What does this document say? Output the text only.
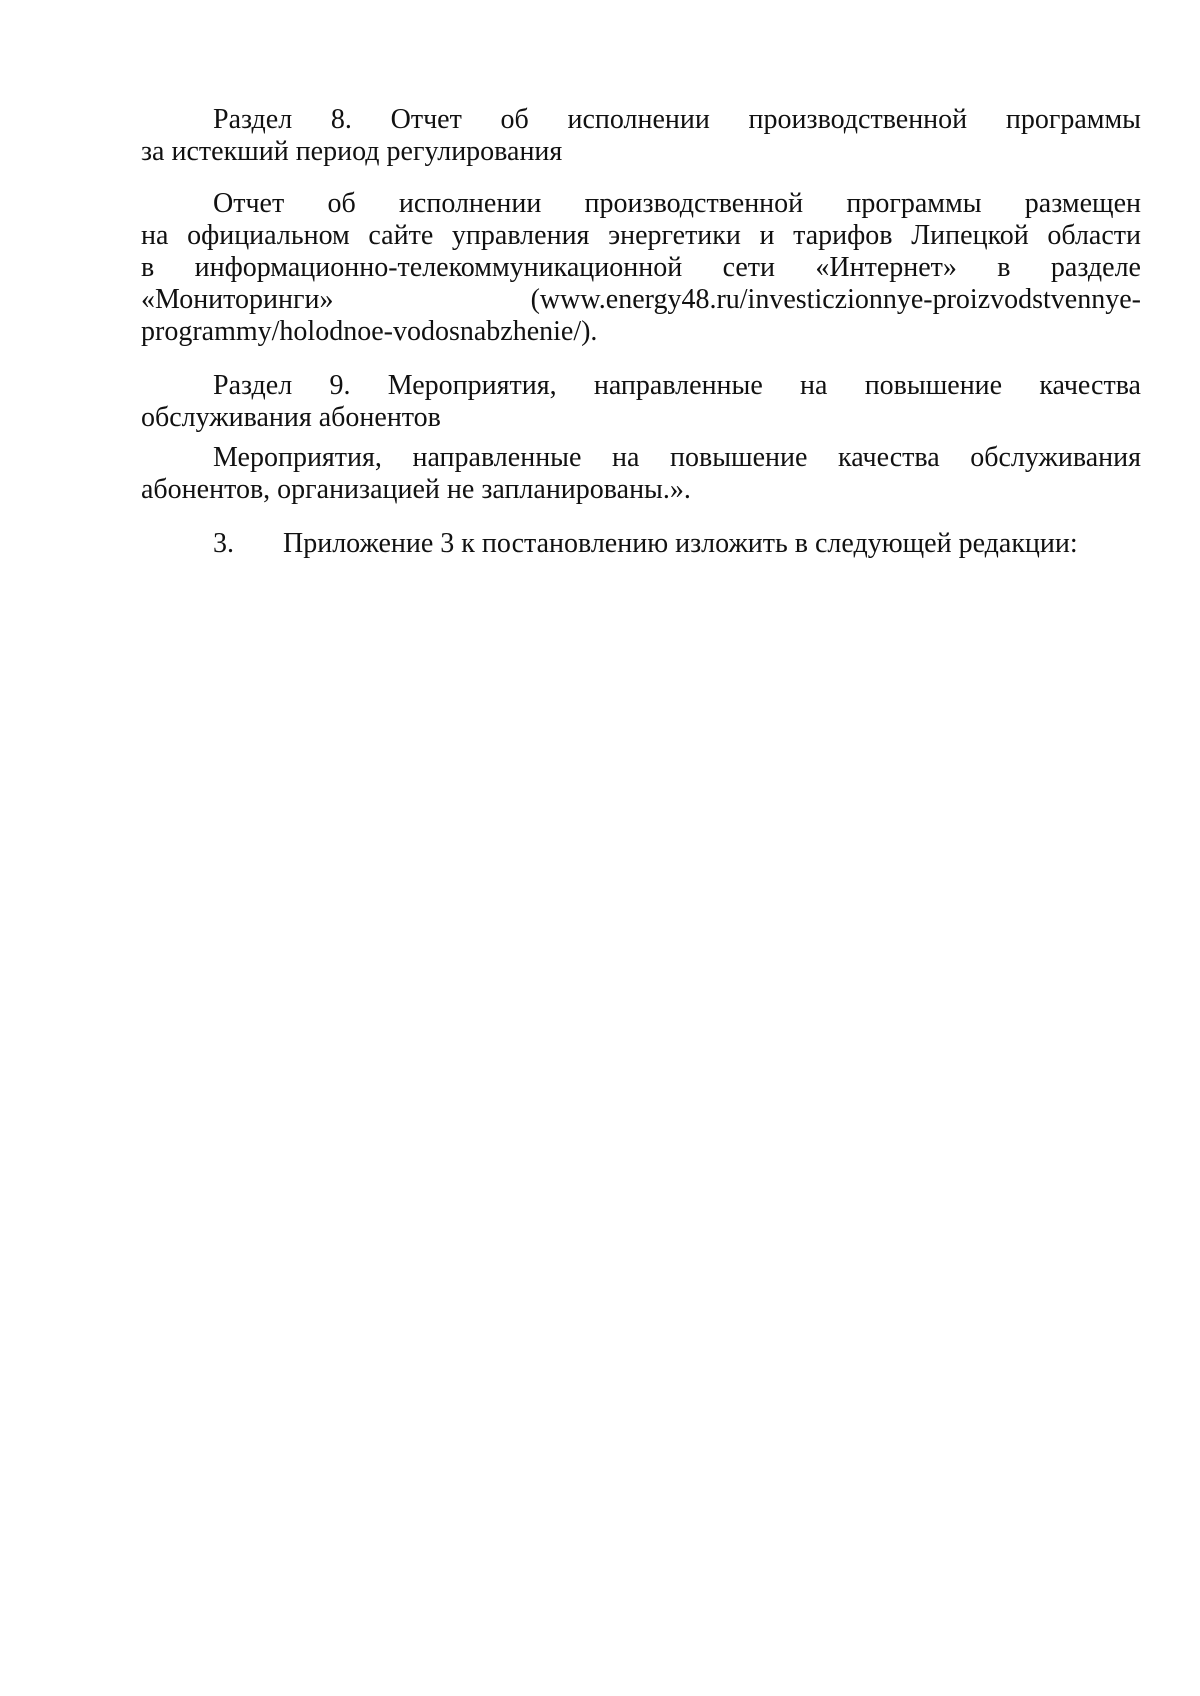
Раздел 8. Отчет об исполнении производственной программы
за истекший период регулирования

Отчет об исполнении производственной программы размещен
на официальном сайте управления энергетики и тарифов Липецкой области
в информационно-телекоммуникационной сети «Интернет» в разделе
«Мониторинги»	(www.energy48.ru/investiczionnye-proizvodstvennye-
programmy/holodnoe-vodosnabzhenie/).

Раздел 9. Мероприятия, направленные на повышение качества
обслуживания абонентов

Мероприятия, направленные на повышение качества обслуживания
абонентов, организацией не запланированы.».

3.	Приложение 3 к постановлению изложить в следующей редакции:
